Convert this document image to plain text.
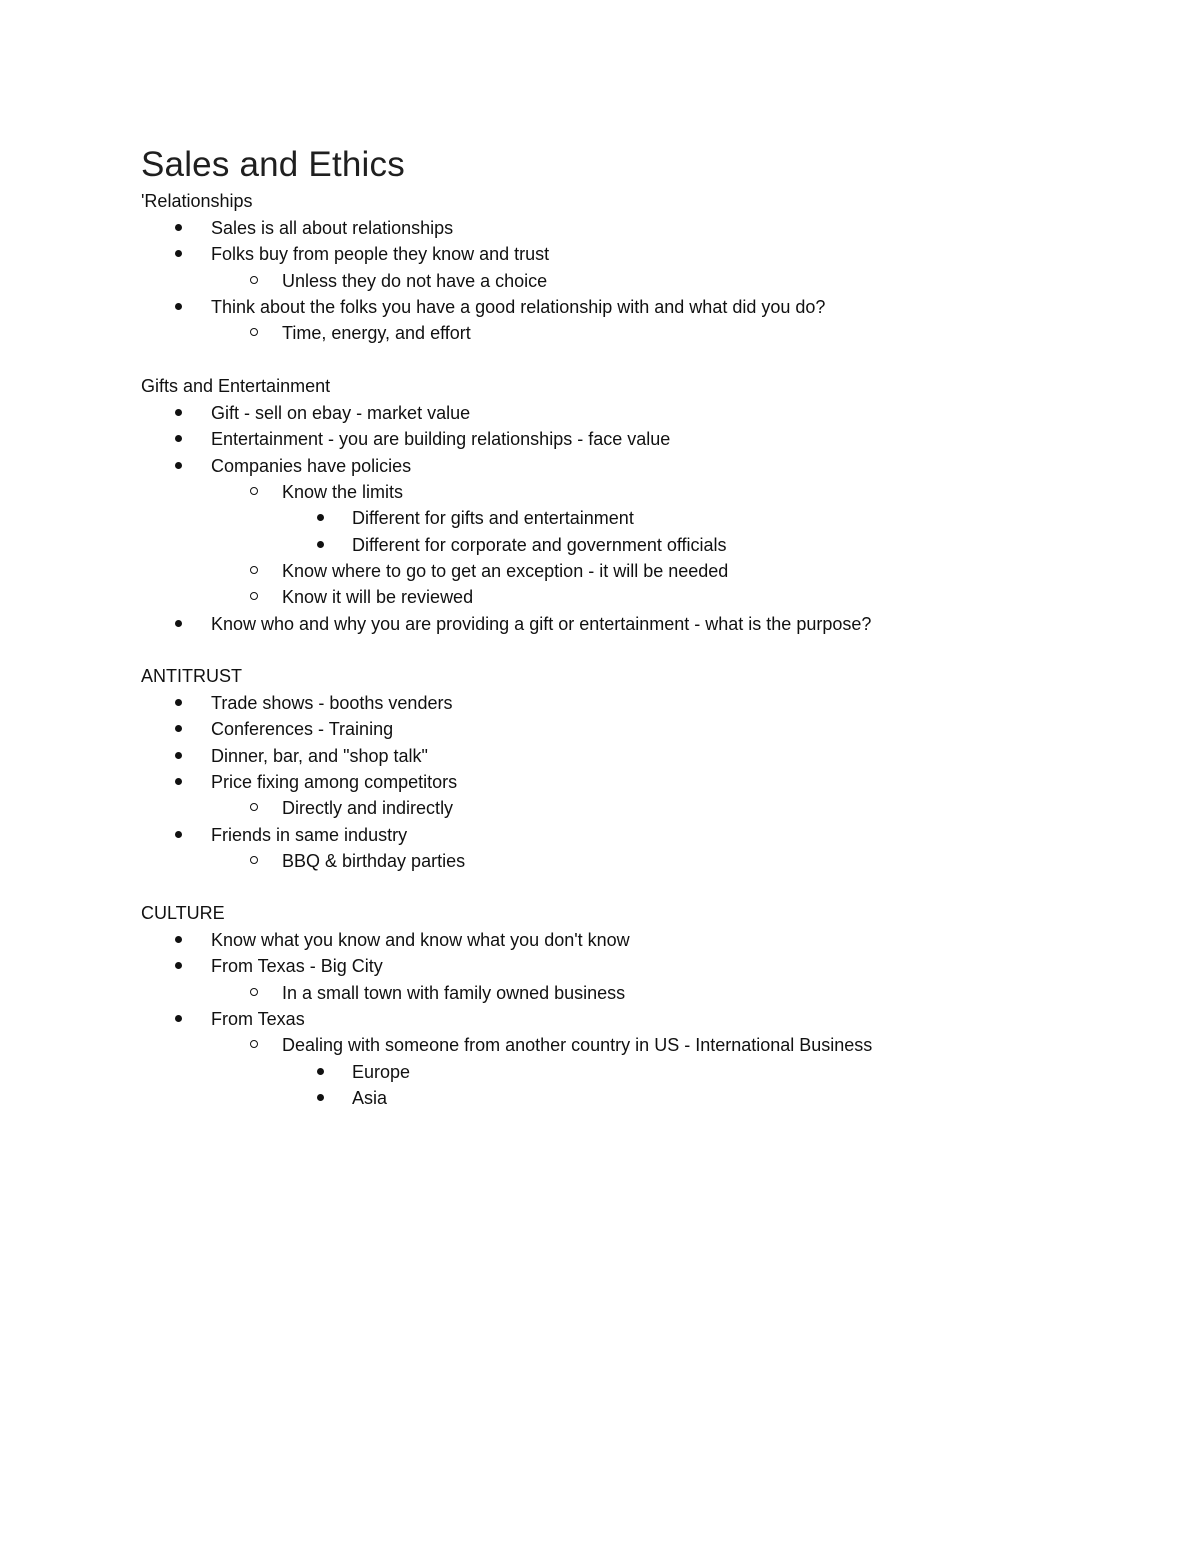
Sales and Ethics
'Relationships
Sales is all about relationships
Folks buy from people they know and trust
Unless they do not have a choice
Think about the folks you have a good relationship with and what did you do?
Time, energy, and effort
Gifts and Entertainment
Gift - sell on ebay - market value
Entertainment - you are building relationships - face value
Companies have policies
Know the limits
Different for gifts and entertainment
Different for corporate and government officials
Know where to go to get an exception - it will be needed
Know it will be reviewed
Know who and why you are providing a gift or entertainment - what is the purpose?
ANTITRUST
Trade shows - booths venders
Conferences - Training
Dinner, bar, and "shop talk"
Price fixing among competitors
Directly and indirectly
Friends in same industry
BBQ & birthday parties
CULTURE
Know what you know and know what you don't know
From Texas - Big City
In a small town with family owned business
From Texas
Dealing with someone from another country in US - International Business
Europe
Asia
